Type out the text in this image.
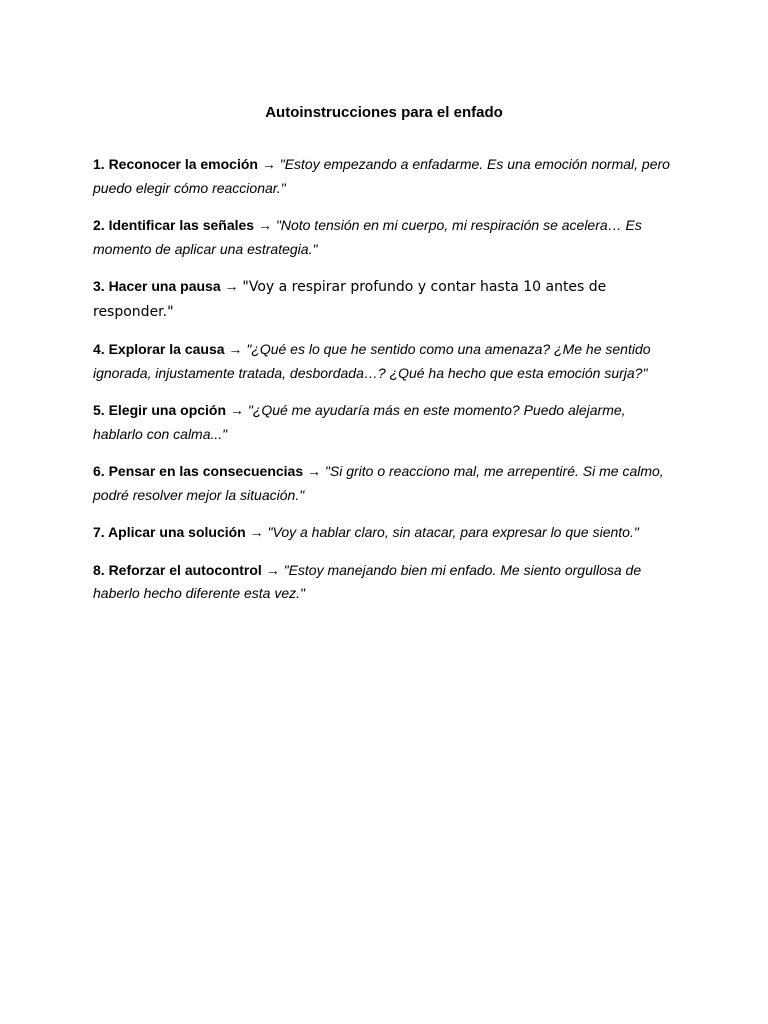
Autoinstrucciones para el enfado
1. Reconocer la emoción → "Estoy empezando a enfadarme. Es una emoción normal, pero puedo elegir cómo reaccionar."
2. Identificar las señales → "Noto tensión en mi cuerpo, mi respiración se acelera… Es momento de aplicar una estrategia."
3. Hacer una pausa → "Voy a respirar profundo y contar hasta 10 antes de responder."
4. Explorar la causa → "¿Qué es lo que he sentido como una amenaza? ¿Me he sentido ignorada, injustamente tratada, desbordada…? ¿Qué ha hecho que esta emoción surja?"
5. Elegir una opción → "¿Qué me ayudaría más en este momento? Puedo alejarme, hablarlo con calma..."
6. Pensar en las consecuencias → "Si grito o reacciono mal, me arrepentiré. Si me calmo, podré resolver mejor la situación."
7. Aplicar una solución → "Voy a hablar claro, sin atacar, para expresar lo que siento."
8. Reforzar el autocontrol → "Estoy manejando bien mi enfado. Me siento orgullosa de haberlo hecho diferente esta vez."
